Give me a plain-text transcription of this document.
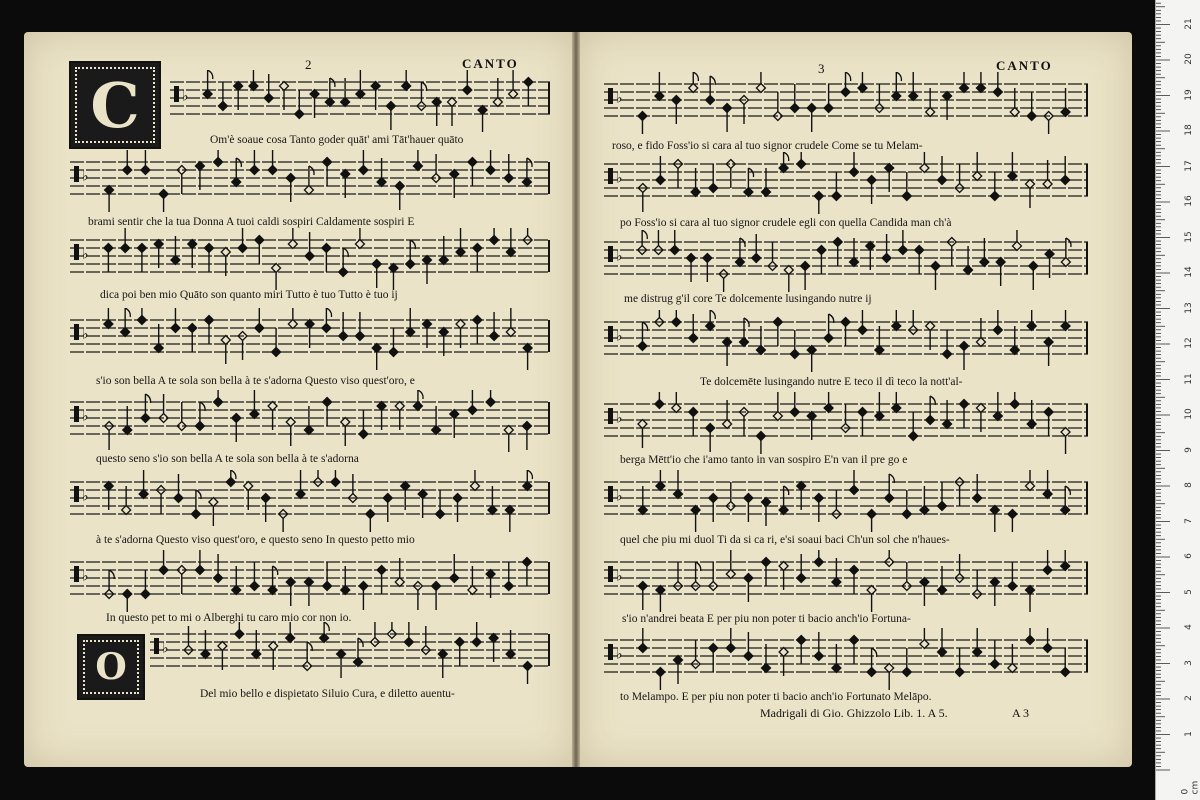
2	CANTO
C
O
♭
♭
♭
♭
♭
♭
♭
♭
Om'è soaue cosa Tanto goder quāt' ami Tāt'hauer quāto
brami sentir che la tua Donna A tuoi caldi sospiri Caldamente sospiri E
dica poi ben mio Quāto son quanto miri Tutto è tuo Tutto è tuo ij
s'io son bella A te sola son bella à te s'adorna Questo viso quest'oro, e
questo seno s'io son bella A te sola son bella à te s'adorna
à te s'adorna Questo viso quest'oro, e questo seno In questo petto mio
In questo pet to mi o Alberghi tu caro mio cor non io.
Del mio bello e dispietato Siluio Cura, e diletto auentu-
3	CANTO
♭
♭
♭
♭
♭
♭
♭
♭
roso, e fido Foss'io si cara al tuo signor crudele Come se tu Melam-
po Foss'io si cara al tuo signor crudele egli con quella Candida man ch'à
me distrug g'il core Te dolcemente lusingando nutre ij
Te dolcemēte lusingando nutre E teco il dì teco la nott'al-
berga Mētt'io che i'amo tanto in van sospiro E'n van il pre go e
quel che piu mi duol Ti da si ca ri, e'si soaui baci Ch'un sol che n'haues-
s'io n'andrei beata E per piu non poter ti bacio anch'io Fortuna-
to Melampo. E per piu non poter ti bacio anch'io Fortunato Melāpo.
Madrigali di Gio. Ghizzolo Lib. 1. A 5.	A 3
21
20
19
18
17
16
15
14
13
12
11
10
9
8
7
6
5
4
3
2
1
0 cm
